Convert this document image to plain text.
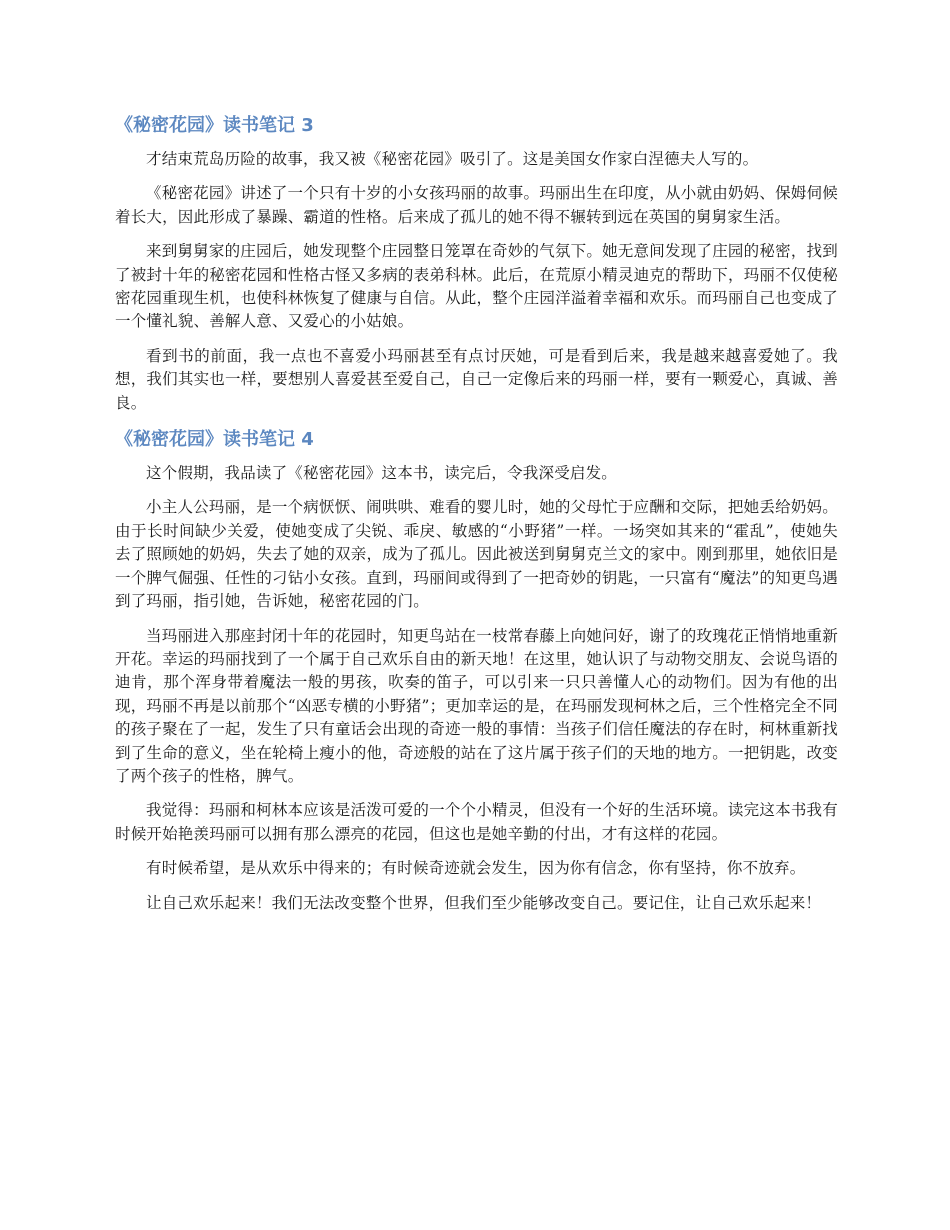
《秘密花园》读书笔记 3

才结束荒岛历险的故事，我又被《秘密花园》吸引了。这是美国女作家白涅德夫人写的。

《秘密花园》讲述了一个只有十岁的小女孩玛丽的故事。玛丽出生在印度，从小就由奶妈、保姆伺候着长大，因此形成了暴躁、霸道的性格。后来成了孤儿的她不得不辗转到远在英国的舅舅家生活。

来到舅舅家的庄园后，她发现整个庄园整日笼罩在奇妙的气氛下。她无意间发现了庄园的秘密，找到了被封十年的秘密花园和性格古怪又多病的表弟科林。此后，在荒原小精灵迪克的帮助下，玛丽不仅使秘密花园重现生机，也使科林恢复了健康与自信。从此，整个庄园洋溢着幸福和欢乐。而玛丽自己也变成了一个懂礼貌、善解人意、又爱心的小姑娘。

看到书的前面，我一点也不喜爱小玛丽甚至有点讨厌她，可是看到后来，我是越来越喜爱她了。我想，我们其实也一样，要想别人喜爱甚至爱自己，自己一定像后来的玛丽一样，要有一颗爱心，真诚、善良。

《秘密花园》读书笔记 4

这个假期，我品读了《秘密花园》这本书，读完后，令我深受启发。

小主人公玛丽，是一个病恹恹、闹哄哄、难看的婴儿时，她的父母忙于应酬和交际，把她丢给奶妈。由于长时间缺少关爱，使她变成了尖锐、乖戾、敏感的“小野猪”一样。一场突如其来的“霍乱”，使她失去了照顾她的奶妈，失去了她的双亲，成为了孤儿。因此被送到舅舅克兰文的家中。刚到那里，她依旧是一个脾气倔强、任性的刁钻小女孩。直到，玛丽间或得到了一把奇妙的钥匙，一只富有“魔法”的知更鸟遇到了玛丽，指引她，告诉她，秘密花园的门。

当玛丽进入那座封闭十年的花园时，知更鸟站在一枝常春藤上向她问好，谢了的玫瑰花正悄悄地重新开花。幸运的玛丽找到了一个属于自己欢乐自由的新天地！在这里，她认识了与动物交朋友、会说鸟语的迪肯，那个浑身带着魔法一般的男孩，吹奏的笛子，可以引来一只只善懂人心的动物们。因为有他的出现，玛丽不再是以前那个“凶恶专横的小野猪”；更加幸运的是，在玛丽发现柯林之后，三个性格完全不同的孩子聚在了一起，发生了只有童话会出现的奇迹一般的事情：当孩子们信任魔法的存在时，柯林重新找到了生命的意义，坐在轮椅上瘦小的他，奇迹般的站在了这片属于孩子们的天地的地方。一把钥匙，改变了两个孩子的性格，脾气。

我觉得：玛丽和柯林本应该是活泼可爱的一个个小精灵，但没有一个好的生活环境。读完这本书我有时候开始艳羡玛丽可以拥有那么漂亮的花园，但这也是她辛勤的付出，才有这样的花园。

有时候希望，是从欢乐中得来的；有时候奇迹就会发生，因为你有信念，你有坚持，你不放弃。

让自己欢乐起来！我们无法改变整个世界，但我们至少能够改变自己。要记住，让自己欢乐起来！
